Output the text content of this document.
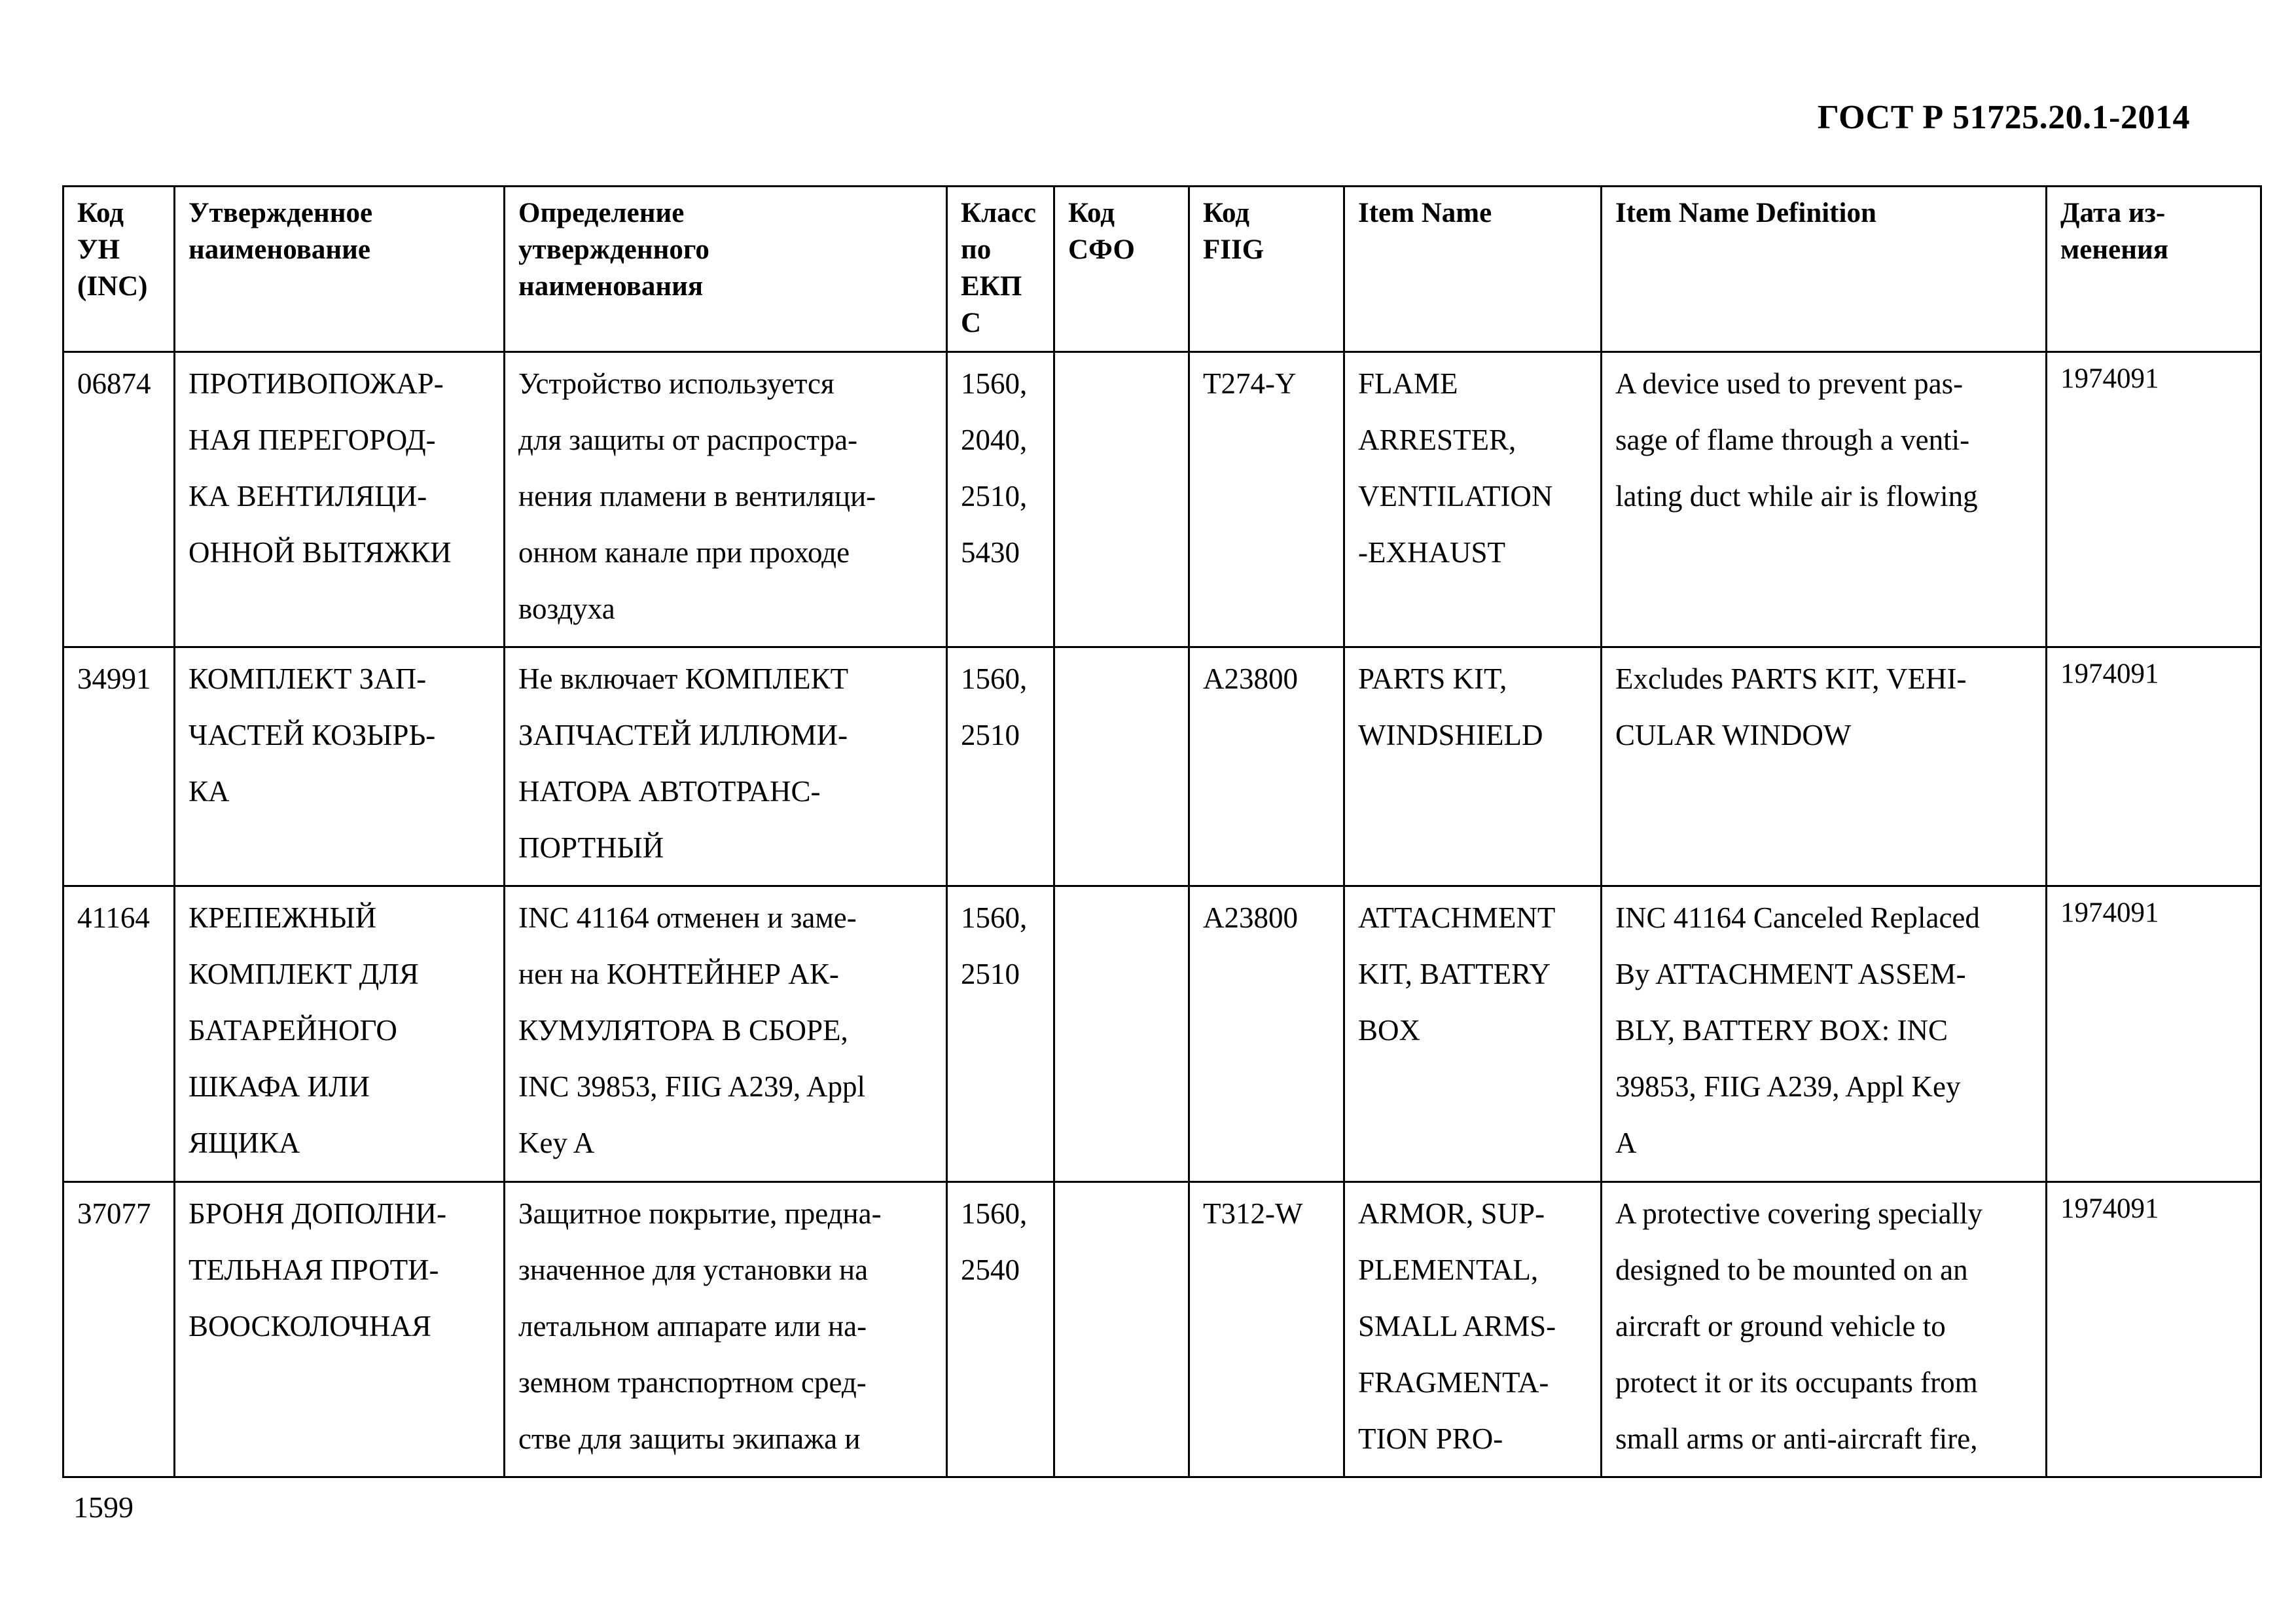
ГОСТ Р 51725.20.1-2014
Код
УН
(INC)	Утвержденное
наименование	Определение
утвержденного
наименования	Класс
по
ЕКП
С	Код
СФО	Код
FIIG	Item Name	Item Name Definition	Дата из-
менения

06874	ПРОТИВОПОЖАР-
НАЯ ПЕРЕГОРОД-
КА ВЕНТИЛЯЦИ-
ОННОЙ ВЫТЯЖКИ	Устройство используется
для защиты от распростра-
нения пламени в вентиляци-
онном канале при проходе
воздуха	1560,
2040,
2510,
5430		T274-Y	FLAME
ARRESTER,
VENTILATION
-EXHAUST	A device used to prevent pas-
sage of flame through a venti-
lating duct while air is flowing	1974091

34991	КОМПЛЕКТ ЗАП-
ЧАСТЕЙ КОЗЫРЬ-
КА	Не включает КОМПЛЕКТ
ЗАПЧАСТЕЙ ИЛЛЮМИ-
НАТОРА АВТОТРАНС-
ПОРТНЫЙ	1560,
2510		A23800	PARTS KIT,
WINDSHIELD	Excludes PARTS KIT, VEHI-
CULAR WINDOW	1974091

41164	КРЕПЕЖНЫЙ
КОМПЛЕКТ ДЛЯ
БАТАРЕЙНОГО
ШКАФА ИЛИ
ЯЩИКА	INC 41164 отменен и заме-
нен на КОНТЕЙНЕР АК-
КУМУЛЯТОРА В СБОРЕ,
INC 39853, FIIG A239, Appl
Key A	1560,
2510		A23800	ATTACHMENT
KIT, BATTERY
BOX	INC 41164 Canceled Replaced
By ATTACHMENT ASSEM-
BLY, BATTERY BOX: INC
39853, FIIG A239, Appl Key
A	1974091

37077	БРОНЯ ДОПОЛНИ-
ТЕЛЬНАЯ ПРОТИ-
ВООСКОЛОЧНАЯ	Защитное покрытие, предна-
значенное для установки на
летальном аппарате или на-
земном транспортном сред-
стве для защиты экипажа и	1560,
2540		T312-W	ARMOR, SUP-
PLEMENTAL,
SMALL ARMS-
FRAGMENTA-
TION PRO-	A protective covering specially
designed to be mounted on an
aircraft or ground vehicle to
protect it or its occupants from
small arms or anti-aircraft fire,	1974091
1599
